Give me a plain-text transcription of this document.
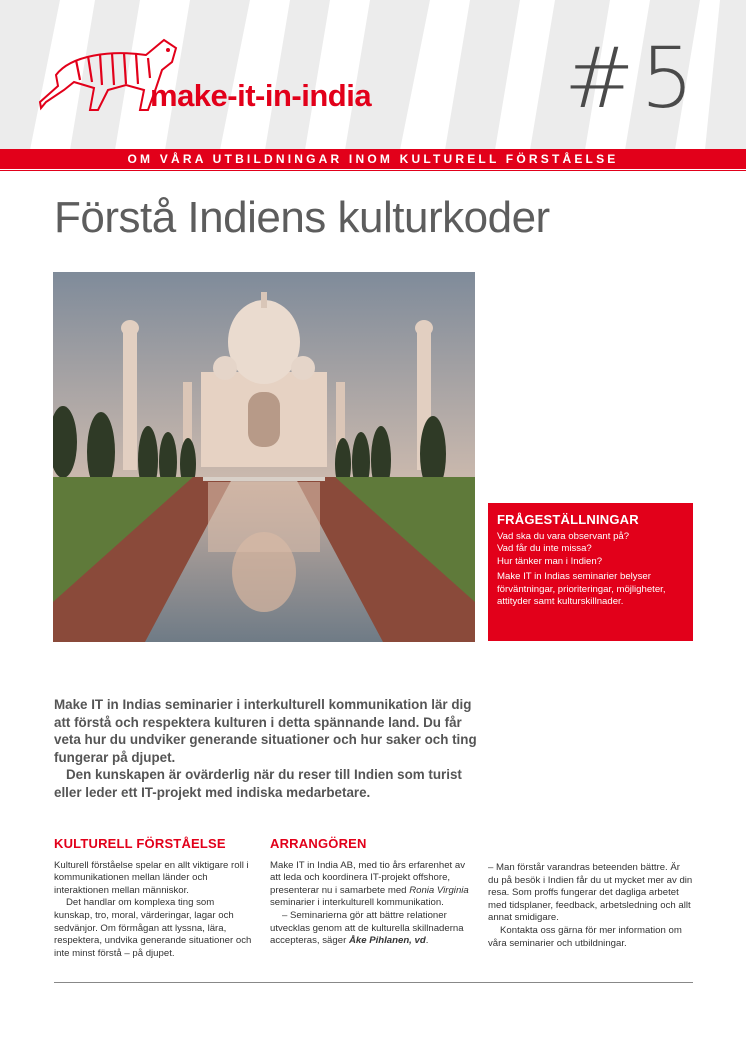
make-it-in-india #5
OM VÅRA UTBILDNINGAR INOM KULTURELL FÖRSTÅELSE
Förstå Indiens kulturkoder
FRÅGESTÄLLNINGAR

Vad ska du vara observant på?

Vad får du inte missa?

Hur tänker man i Indien?

Make IT in Indias seminarier belyser förväntningar, prioriteringar, möjligheter, attityder samt kulturskillnader.

Make IT in Indias seminarier i interkulturell kommunikation lär dig att förstå och respektera kulturen i detta spännande land. Du får veta hur du undviker generande situationer och hur saker och ting fungerar på djupet.

Den kunskapen är ovärderlig när du reser till Indien som turist eller leder ett IT-projekt med indiska medarbetare.

KULTURELL FÖRSTÅELSE

Kulturell förståelse spelar en allt viktigare roll i kommunikationen mellan länder och interaktionen mellan människor.

Det handlar om komplexa ting som kunskap, tro, moral, värderingar, lagar och sedvänjor. Om förmågan att lyssna, lära, respektera, undvika generande situationer och inte minst förstå – på djupet.

ARRANGÖREN

Make IT in India AB, med tio års erfarenhet av att leda och koordinera IT-projekt offshore, presenterar nu i samarbete med Ronia Virginia seminarier i interkulturell kommunikation.

– Seminarierna gör att bättre relationer utvecklas genom att de kulturella skillnaderna accepteras, säger Åke Pihlanen, vd.

– Man förstår varandras beteenden bättre. Är du på besök i Indien får du ut mycket mer av din resa. Som proffs fungerar det dagliga arbetet med tidsplaner, feedback, arbetsledning och allt annat smidigare.

Kontakta oss gärna för mer information om våra seminarier och utbildningar.
